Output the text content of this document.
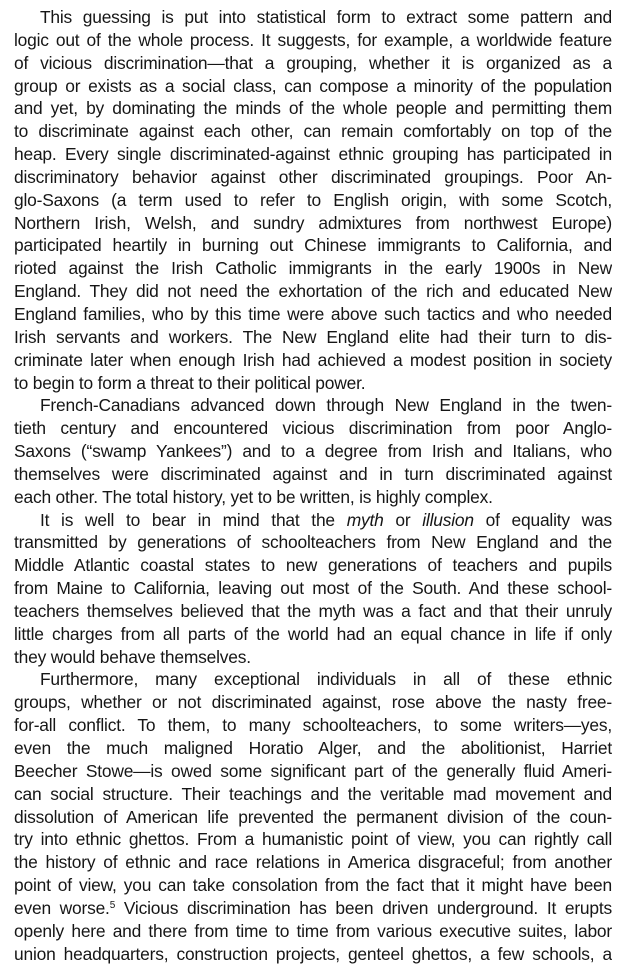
This guessing is put into statistical form to extract some pattern and
logic out of the whole process. It suggests, for example, a worldwide feature
of vicious discrimination—that a grouping, whether it is organized as a
group or exists as a social class, can compose a minority of the population
and yet, by dominating the minds of the whole people and permitting them
to discriminate against each other, can remain comfortably on top of the
heap. Every single discriminated-against ethnic grouping has participated in
discriminatory behavior against other discriminated groupings. Poor An-
glo-Saxons (a term used to refer to English origin, with some Scotch,
Northern Irish, Welsh, and sundry admixtures from northwest Europe)
participated heartily in burning out Chinese immigrants to California, and
rioted against the Irish Catholic immigrants in the early 1900s in New
England. They did not need the exhortation of the rich and educated New
England families, who by this time were above such tactics and who needed
Irish servants and workers. The New England elite had their turn to dis-
criminate later when enough Irish had achieved a modest position in society
to begin to form a threat to their political power.
French-Canadians advanced down through New England in the twen-
tieth century and encountered vicious discrimination from poor Anglo-
Saxons (“swamp Yankees”) and to a degree from Irish and Italians, who
themselves were discriminated against and in turn discriminated against
each other. The total history, yet to be written, is highly complex.
It is well to bear in mind that the myth or illusion of equality was
transmitted by generations of schoolteachers from New England and the
Middle Atlantic coastal states to new generations of teachers and pupils
from Maine to California, leaving out most of the South. And these school-
teachers themselves believed that the myth was a fact and that their unruly
little charges from all parts of the world had an equal chance in life if only
they would behave themselves.
Furthermore, many exceptional individuals in all of these ethnic
groups, whether or not discriminated against, rose above the nasty free-
for-all conflict. To them, to many schoolteachers, to some writers—yes,
even the much maligned Horatio Alger, and the abolitionist, Harriet
Beecher Stowe—is owed some significant part of the generally fluid Ameri-
can social structure. Their teachings and the veritable mad movement and
dissolution of American life prevented the permanent division of the coun-
try into ethnic ghettos. From a humanistic point of view, you can rightly call
the history of ethnic and race relations in America disgraceful; from another
point of view, you can take consolation from the fact that it might have been
even worse.$^5$ Vicious discrimination has been driven underground. It erupts
openly here and there from time to time from various executive suites, labor
union headquarters, construction projects, genteel ghettos, a few schools, a
